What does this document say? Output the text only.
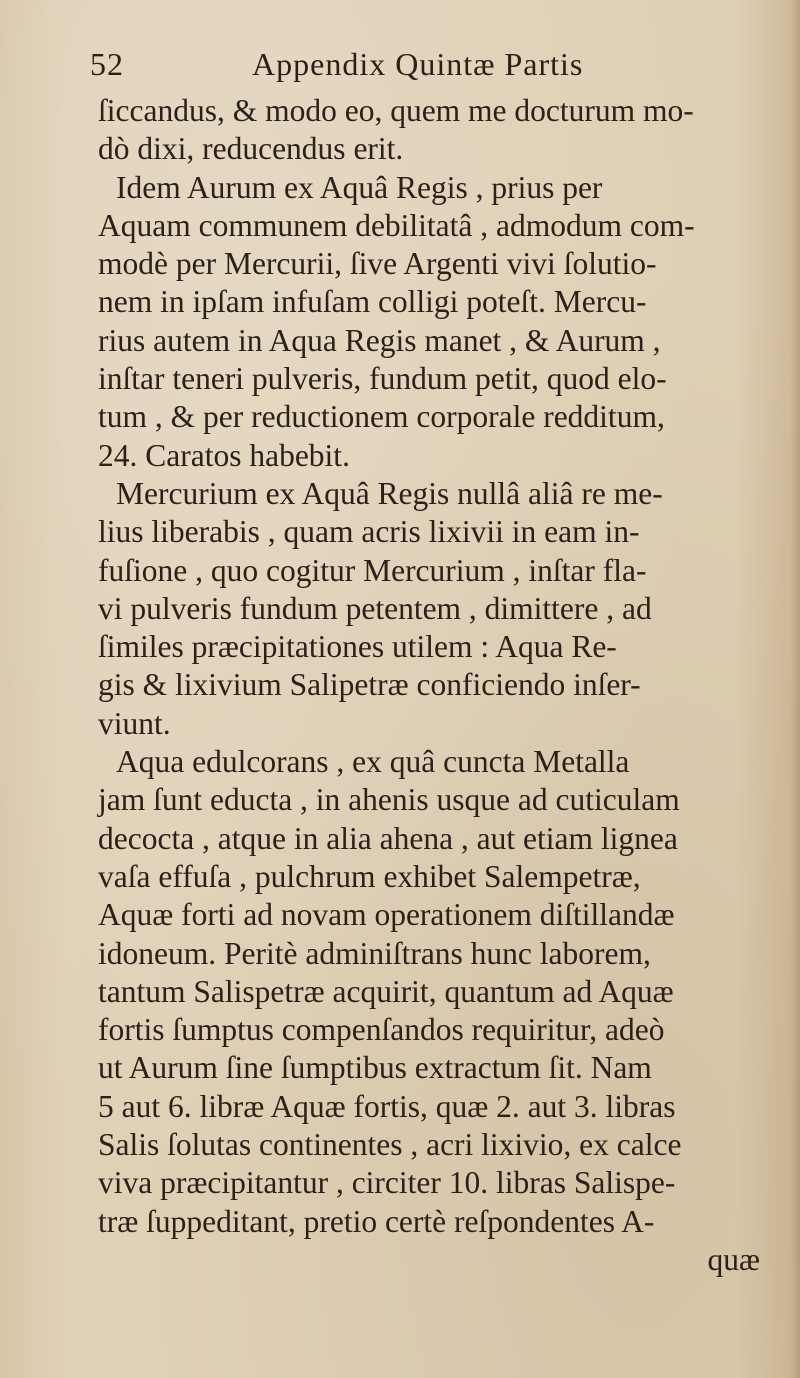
52	Appendix Quintæ Partis
ſiccandus, & modo eo, quem me docturum mo-
dò dixi, reducendus erit.
Idem Aurum ex Aquâ Regis , prius per
Aquam communem debilitatâ , admodum com-
modè per Mercurii, ſive Argenti vivi ſolutio-
nem in ipſam infuſam colligi poteſt. Mercu-
rius autem in Aqua Regis manet , & Aurum ,
inſtar teneri pulveris, fundum petit, quod elo-
tum , & per reductionem corporale redditum,
24. Caratos habebit.
Mercurium ex Aquâ Regis nullâ aliâ re me-
lius liberabis , quam acris lixivii in eam in-
fuſione , quo cogitur Mercurium , inſtar fla-
vi pulveris fundum petentem , dimittere , ad
ſimiles præcipitationes utilem : Aqua Re-
gis & lixivium Salipetræ conficiendo inſer-
viunt.
Aqua edulcorans , ex quâ cuncta Metalla
jam ſunt educta , in ahenis usque ad cuticulam
decocta , atque in alia ahena , aut etiam lignea
vaſa effuſa , pulchrum exhibet Salempetræ,
Aquæ forti ad novam operationem diſtillandæ
idoneum. Peritè adminiſtrans hunc laborem,
tantum Salispetræ acquirit, quantum ad Aquæ
fortis ſumptus compenſandos requiritur, adeò
ut Aurum ſine ſumptibus extractum ſit. Nam
5 aut 6. libræ Aquæ fortis, quæ 2. aut 3. libras
Salis ſolutas continentes , acri lixivio, ex calce
viva præcipitantur , circiter 10. libras Salispe-
træ ſuppeditant, pretio certè reſpondentes A-
quæ
